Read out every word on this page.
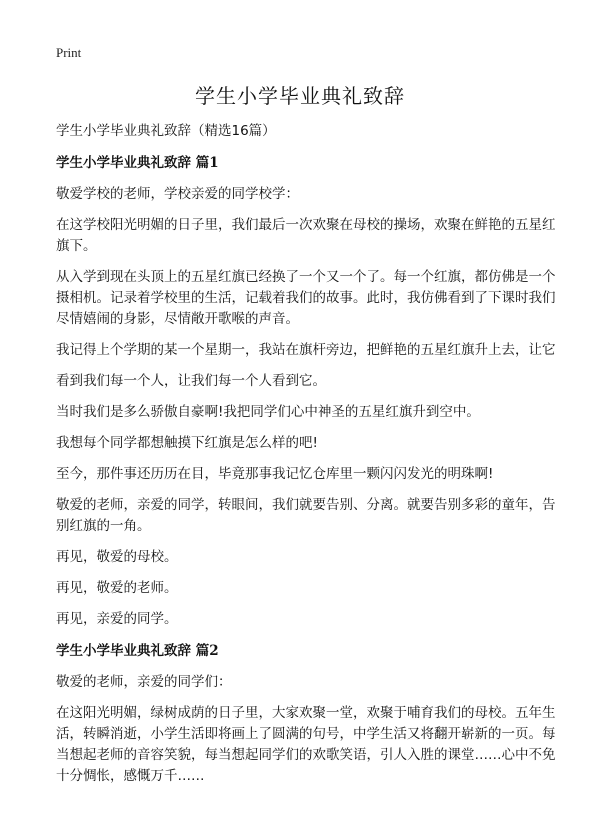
Print
学生小学毕业典礼致辞

学生小学毕业典礼致辞（精选16篇）

学生小学毕业典礼致辞 篇1

敬爱学校的老师，学校亲爱的同学校学：

在这学校阳光明媚的日子里，我们最后一次欢聚在母校的操场，欢聚在鲜艳的五星红旗下。

从入学到现在头顶上的五星红旗已经换了一个又一个了。每一个红旗，都仿佛是一个摄相机。记录着学校里的生活，记载着我们的故事。此时，我仿佛看到了下课时我们尽情嬉闹的身影，尽情敞开歌喉的声音。

我记得上个学期的某一个星期一，我站在旗杆旁边，把鲜艳的五星红旗升上去，让它

看到我们每一个人，让我们每一个人看到它。

当时我们是多么骄傲自豪啊!我把同学们心中神圣的五星红旗升到空中。

我想每个同学都想触摸下红旗是怎么样的吧!

至今，那件事还历历在目，毕竟那事我记忆仓库里一颗闪闪发光的明珠啊!

敬爱的老师，亲爱的同学，转眼间，我们就要告别、分离。就要告别多彩的童年，告别红旗的一角。

再见，敬爱的母校。

再见，敬爱的老师。

再见，亲爱的同学。

学生小学毕业典礼致辞 篇2

敬爱的老师，亲爱的同学们：

在这阳光明媚，绿树成荫的日子里，大家欢聚一堂，欢聚于哺育我们的母校。五年生活，转瞬消逝，小学生活即将画上了圆满的句号，中学生活又将翻开崭新的一页。每当想起老师的音容笑貌，每当想起同学们的欢歌笑语，引人入胜的课堂……心中不免十分惆怅，感慨万千……
